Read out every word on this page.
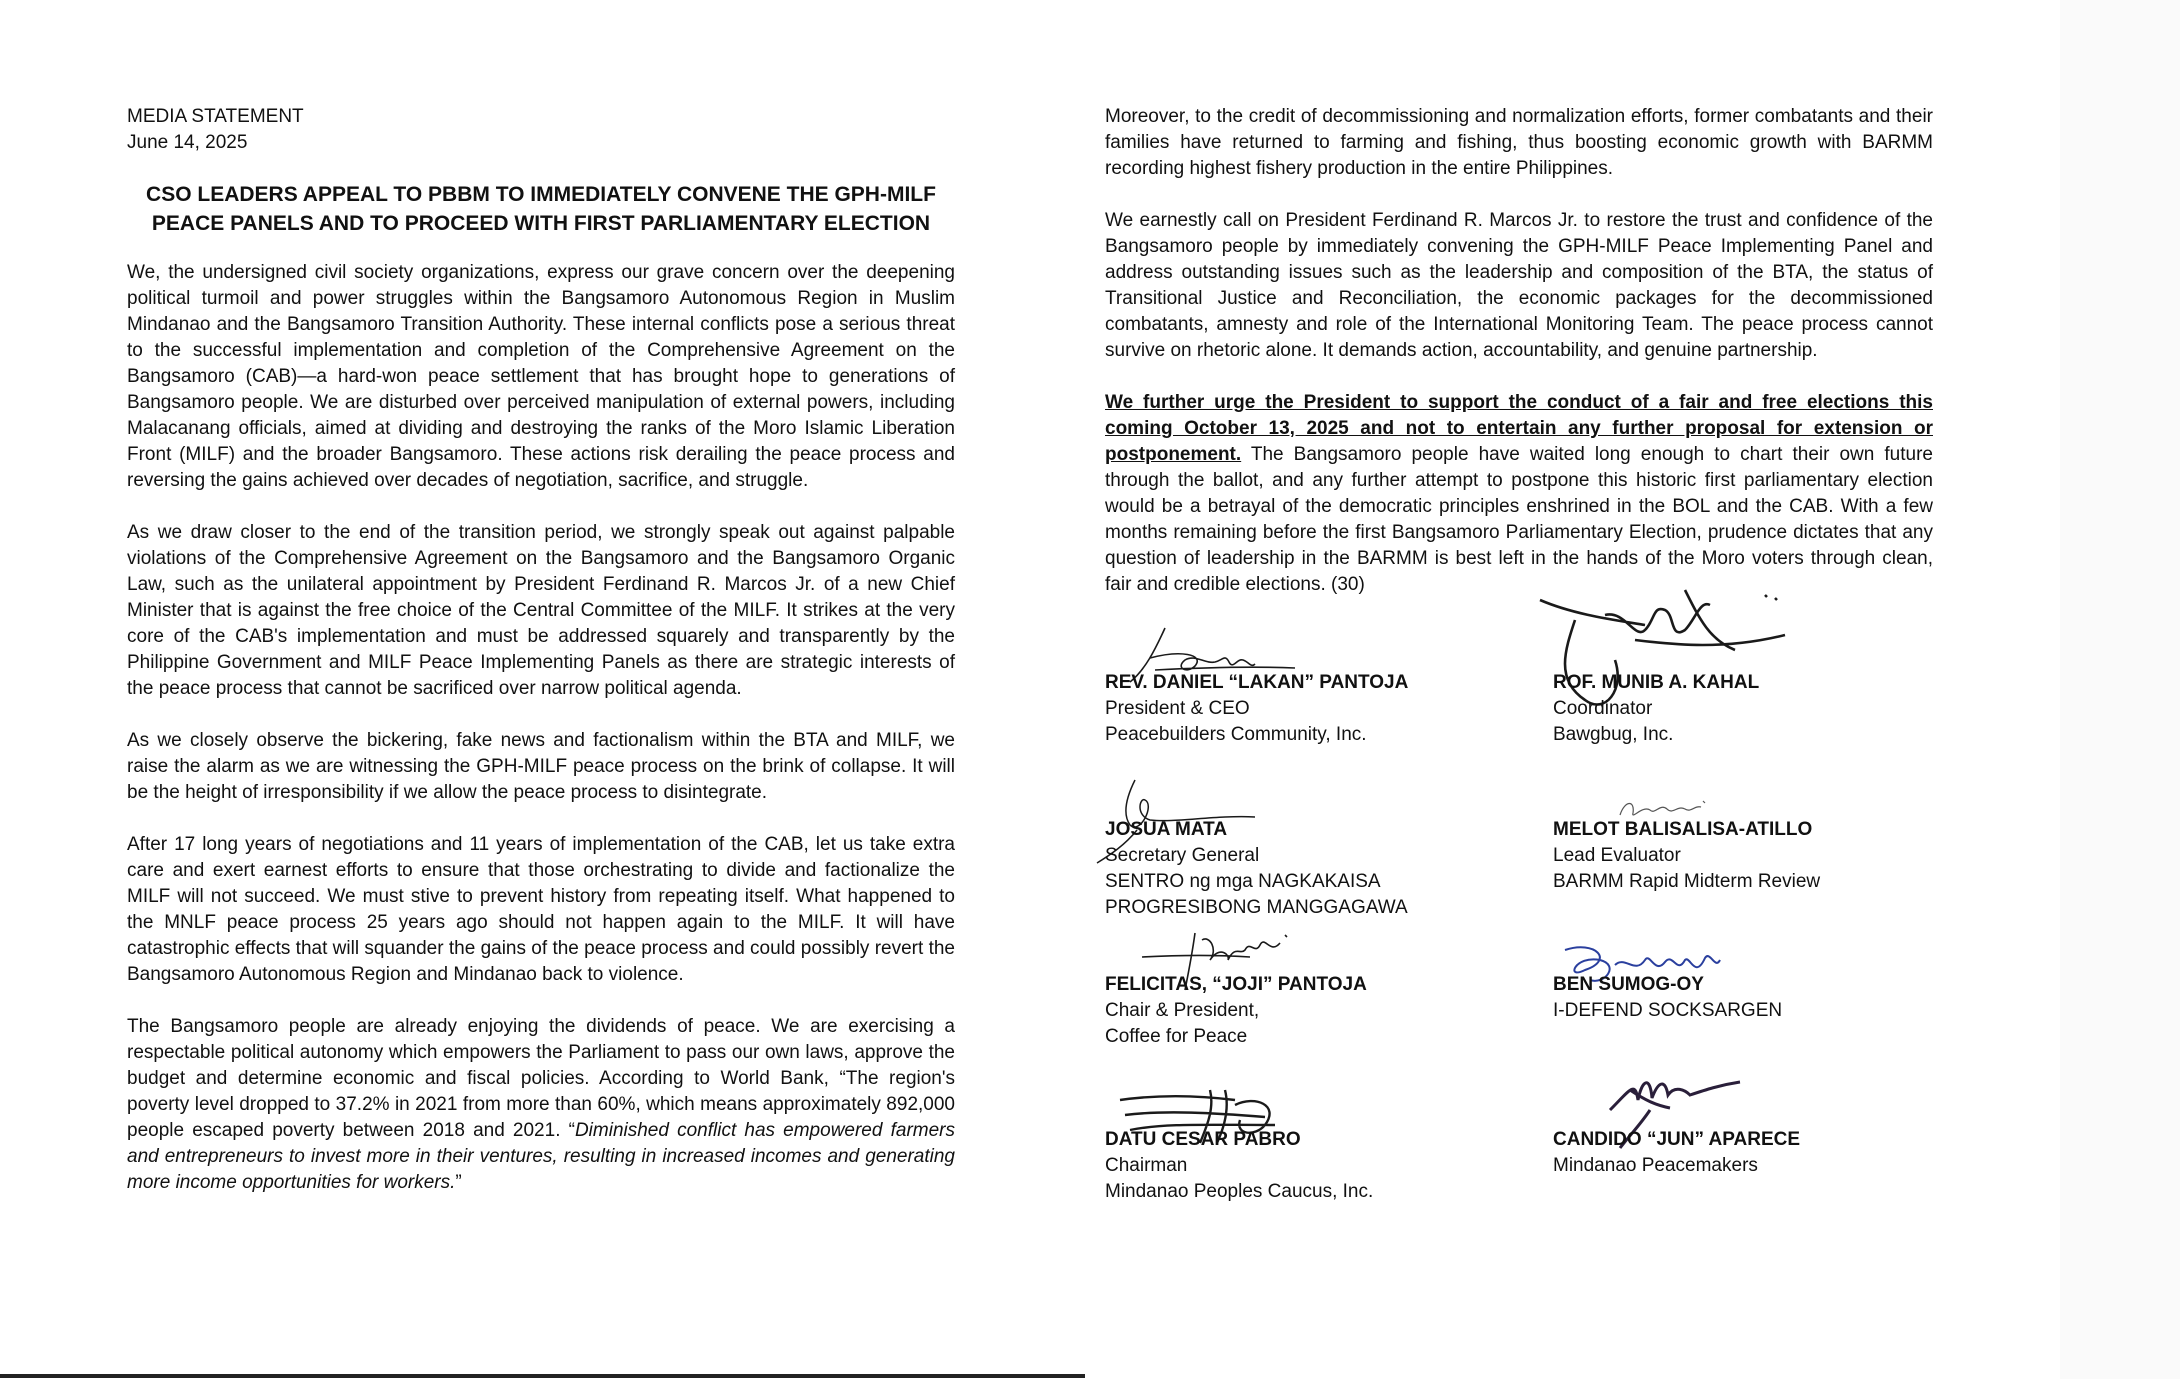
MEDIA STATEMENT
June 14, 2025
CSO LEADERS APPEAL TO PBBM TO IMMEDIATELY CONVENE THE GPH-MILF
PEACE PANELS AND TO PROCEED WITH FIRST PARLIAMENTARY ELECTION

We, the undersigned civil society organizations, express our grave concern over the deepening political turmoil and power struggles within the Bangsamoro Autonomous Region in Muslim Mindanao and the Bangsamoro Transition Authority. These internal conflicts pose a serious threat to the successful implementation and completion of the Comprehensive Agreement on the Bangsamoro (CAB)—a hard-won peace settlement that has brought hope to generations of Bangsamoro people. We are disturbed over perceived manipulation of external powers, including Malacanang officials, aimed at dividing and destroying the ranks of the Moro Islamic Liberation Front (MILF) and the broader Bangsamoro. These actions risk derailing the peace process and reversing the gains achieved over decades of negotiation, sacrifice, and struggle.

As we draw closer to the end of the transition period, we strongly speak out against palpable violations of the Comprehensive Agreement on the Bangsamoro and the Bangsamoro Organic Law, such as the unilateral appointment by President Ferdinand R. Marcos Jr. of a new Chief Minister that is against the free choice of the Central Committee of the MILF. It strikes at the very core of the CAB's implementation and must be addressed squarely and transparently by the Philippine Government and MILF Peace Implementing Panels as there are strategic interests of the peace process that cannot be sacrificed over narrow political agenda.

As we closely observe the bickering, fake news and factionalism within the BTA and MILF, we raise the alarm as we are witnessing the GPH-MILF peace process on the brink of collapse. It will be the height of irresponsibility if we allow the peace process to disintegrate.

After 17 long years of negotiations and 11 years of implementation of the CAB, let us take extra care and exert earnest efforts to ensure that those orchestrating to divide and factionalize the MILF will not succeed. We must stive to prevent history from repeating itself. What happened to the MNLF peace process 25 years ago should not happen again to the MILF. It will have catastrophic effects that will squander the gains of the peace process and could possibly revert the Bangsamoro Autonomous Region and Mindanao back to violence.

The Bangsamoro people are already enjoying the dividends of peace. We are exercising a respectable political autonomy which empowers the Parliament to pass our own laws, approve the budget and determine economic and fiscal policies. According to World Bank, “The region's poverty level dropped to 37.2% in 2021 from more than 60%, which means approximately 892,000 people escaped poverty between 2018 and 2021. “Diminished conflict has empowered farmers and entrepreneurs to invest more in their ventures, resulting in increased incomes and generating more income opportunities for workers.”

Moreover, to the credit of decommissioning and normalization efforts, former combatants and their families have returned to farming and fishing, thus boosting economic growth with BARMM recording highest fishery production in the entire Philippines.

We earnestly call on President Ferdinand R. Marcos Jr. to restore the trust and confidence of the Bangsamoro people by immediately convening the GPH-MILF Peace Implementing Panel and address outstanding issues such as the leadership and composition of the BTA, the status of Transitional Justice and Reconciliation, the economic packages for the decommissioned combatants, amnesty and role of the International Monitoring Team. The peace process cannot survive on rhetoric alone. It demands action, accountability, and genuine partnership.

We further urge the President to support the conduct of a fair and free elections this coming October 13, 2025 and not to entertain any further proposal for extension or postponement. The Bangsamoro people have waited long enough to chart their own future through the ballot, and any further attempt to postpone this historic first parliamentary election would be a betrayal of the democratic principles enshrined in the BOL and the CAB. With a few months remaining before the first Bangsamoro Parliamentary Election, prudence dictates that any question of leadership in the BARMM is best left in the hands of the Moro voters through clean, fair and credible elections. (30)

REV. DANIEL “LAKAN” PANTOJA
President & CEO
Peacebuilders Community, Inc.
ROF. MUNIB A. KAHAL
Coordinator
Bawgbug, Inc.
JOSUA MATA
Secretary General
SENTRO ng mga NAGKAKAISA
PROGRESIBONG MANGGAGAWA
MELOT BALISALISA-ATILLO
Lead Evaluator
BARMM Rapid Midterm Review
FELICITAS, “JOJI” PANTOJA
Chair & President,
Coffee for Peace
BEN SUMOG-OY
I-DEFEND SOCKSARGEN
DATU CESAR PABRO
Chairman
Mindanao Peoples Caucus, Inc.
CANDIDO “JUN” APARECE
Mindanao Peacemakers
